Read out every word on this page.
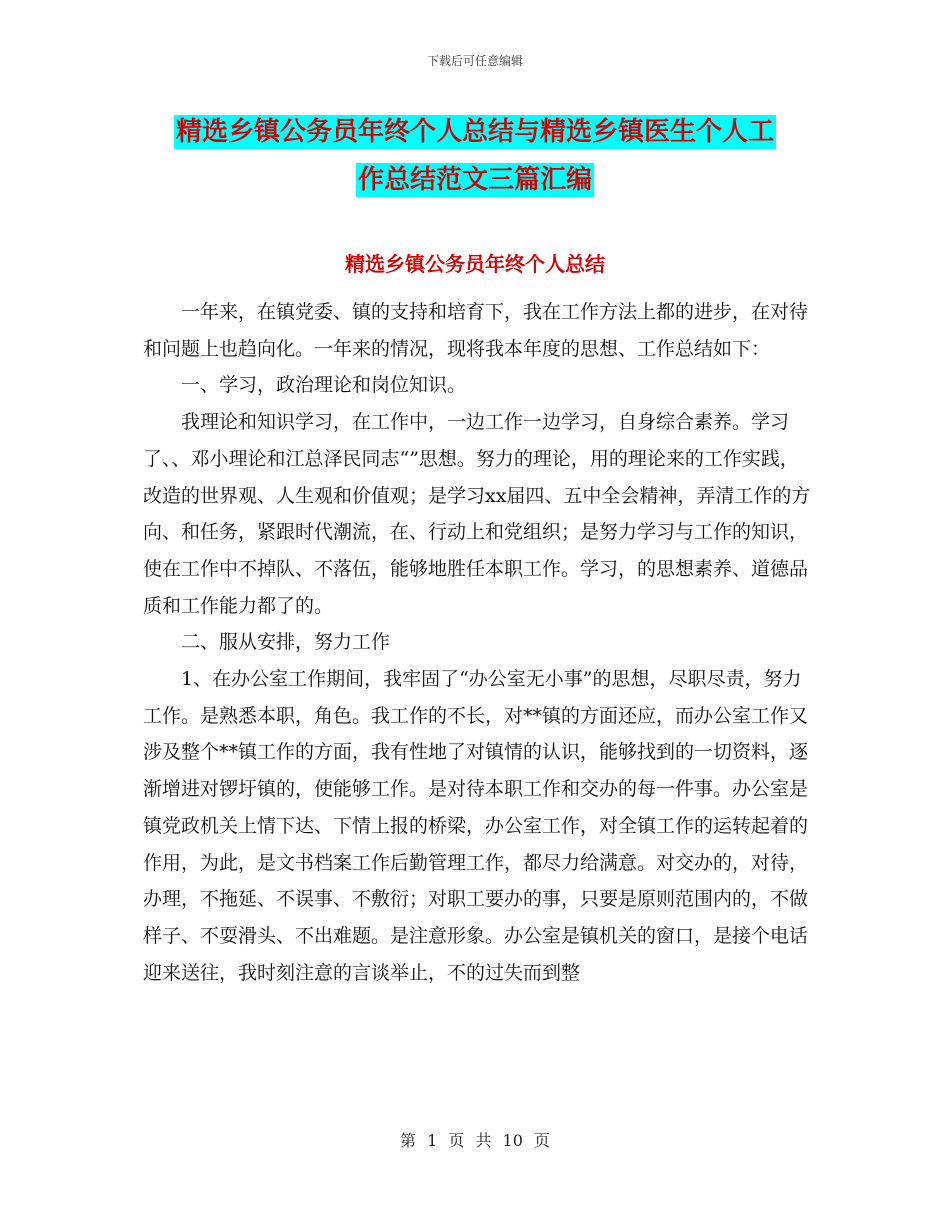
下载后可任意编辑
精选乡镇公务员年终个人总结与精选乡镇医生个人工
作总结范文三篇汇编
精选乡镇公务员年终个人总结

一年来，在镇党委、镇的支持和培育下，我在工作方法上都的进步，在对待和问题上也趋向化。一年来的情况，现将我本年度的思想、工作总结如下：

一、学习，政治理论和岗位知识。

我理论和知识学习，在工作中，一边工作一边学习，自身综合素养。学习了、、邓小理论和江总泽民同志“”思想。努力的理论，用的理论来的工作实践，改造的世界观、人生观和价值观；是学习xx届四、五中全会精神，弄清工作的方向、和任务，紧跟时代潮流，在、行动上和党组织；是努力学习与工作的知识，使在工作中不掉队、不落伍，能够地胜任本职工作。学习，的思想素养、道德品质和工作能力都了的。

二、服从安排，努力工作

1、在办公室工作期间，我牢固了“办公室无小事”的思想，尽职尽责，努力工作。是熟悉本职，角色。我工作的不长，对**镇的方面还应，而办公室工作又涉及整个**镇工作的方面，我有性地了对镇情的认识，能够找到的一切资料，逐渐增进对锣圩镇的，使能够工作。是对待本职工作和交办的每一件事。办公室是镇党政机关上情下达、下情上报的桥梁，办公室工作，对全镇工作的运转起着的作用，为此，是文书档案工作后勤管理工作，都尽力给满意。对交办的，对待，办理，不拖延、不误事、不敷衍；对职工要办的事，只要是原则范围内的，不做样子、不耍滑头、不出难题。是注意形象。办公室是镇机关的窗口，是接个电话迎来送往，我时刻注意的言谈举止，不的过失而到整

第 1 页 共 10 页
